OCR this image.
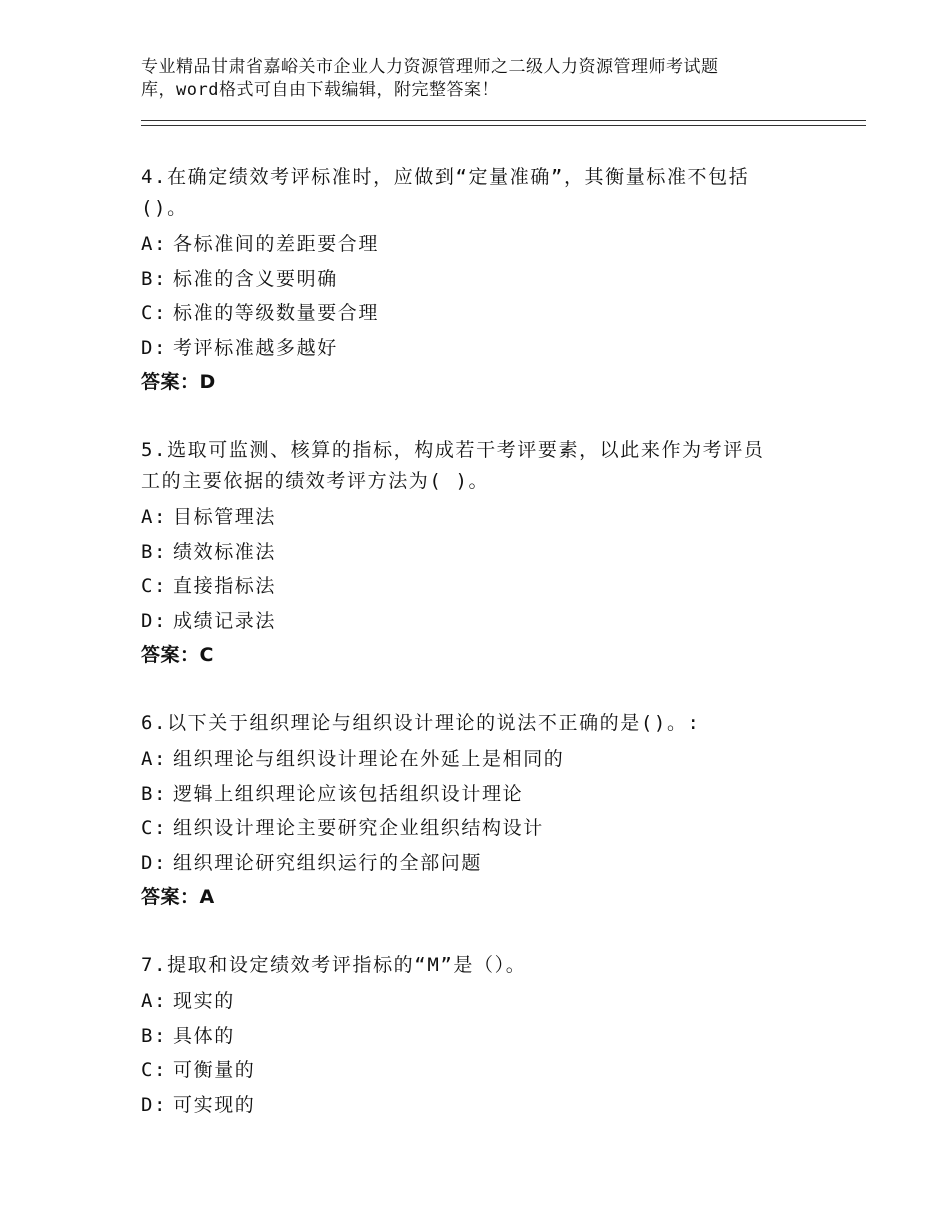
专业精品甘肃省嘉峪关市企业人力资源管理师之二级人力资源管理师考试题
库，word格式可自由下载编辑，附完整答案！
4.在确定绩效考评标准时，应做到“定量准确”，其衡量标准不包括
()。
A: 各标准间的差距要合理
B: 标准的含义要明确
C: 标准的等级数量要合理
D: 考评标准越多越好
答案：D
5.选取可监测、核算的指标，构成若干考评要素，以此来作为考评员
工的主要依据的绩效考评方法为( )。
A: 目标管理法
B: 绩效标准法
C: 直接指标法
D: 成绩记录法
答案：C
6.以下关于组织理论与组织设计理论的说法不正确的是()。:
A: 组织理论与组织设计理论在外延上是相同的
B: 逻辑上组织理论应该包括组织设计理论
C: 组织设计理论主要研究企业组织结构设计
D: 组织理论研究组织运行的全部问题
答案：A
7.提取和设定绩效考评指标的“M”是（）。
A: 现实的
B: 具体的
C: 可衡量的
D: 可实现的
